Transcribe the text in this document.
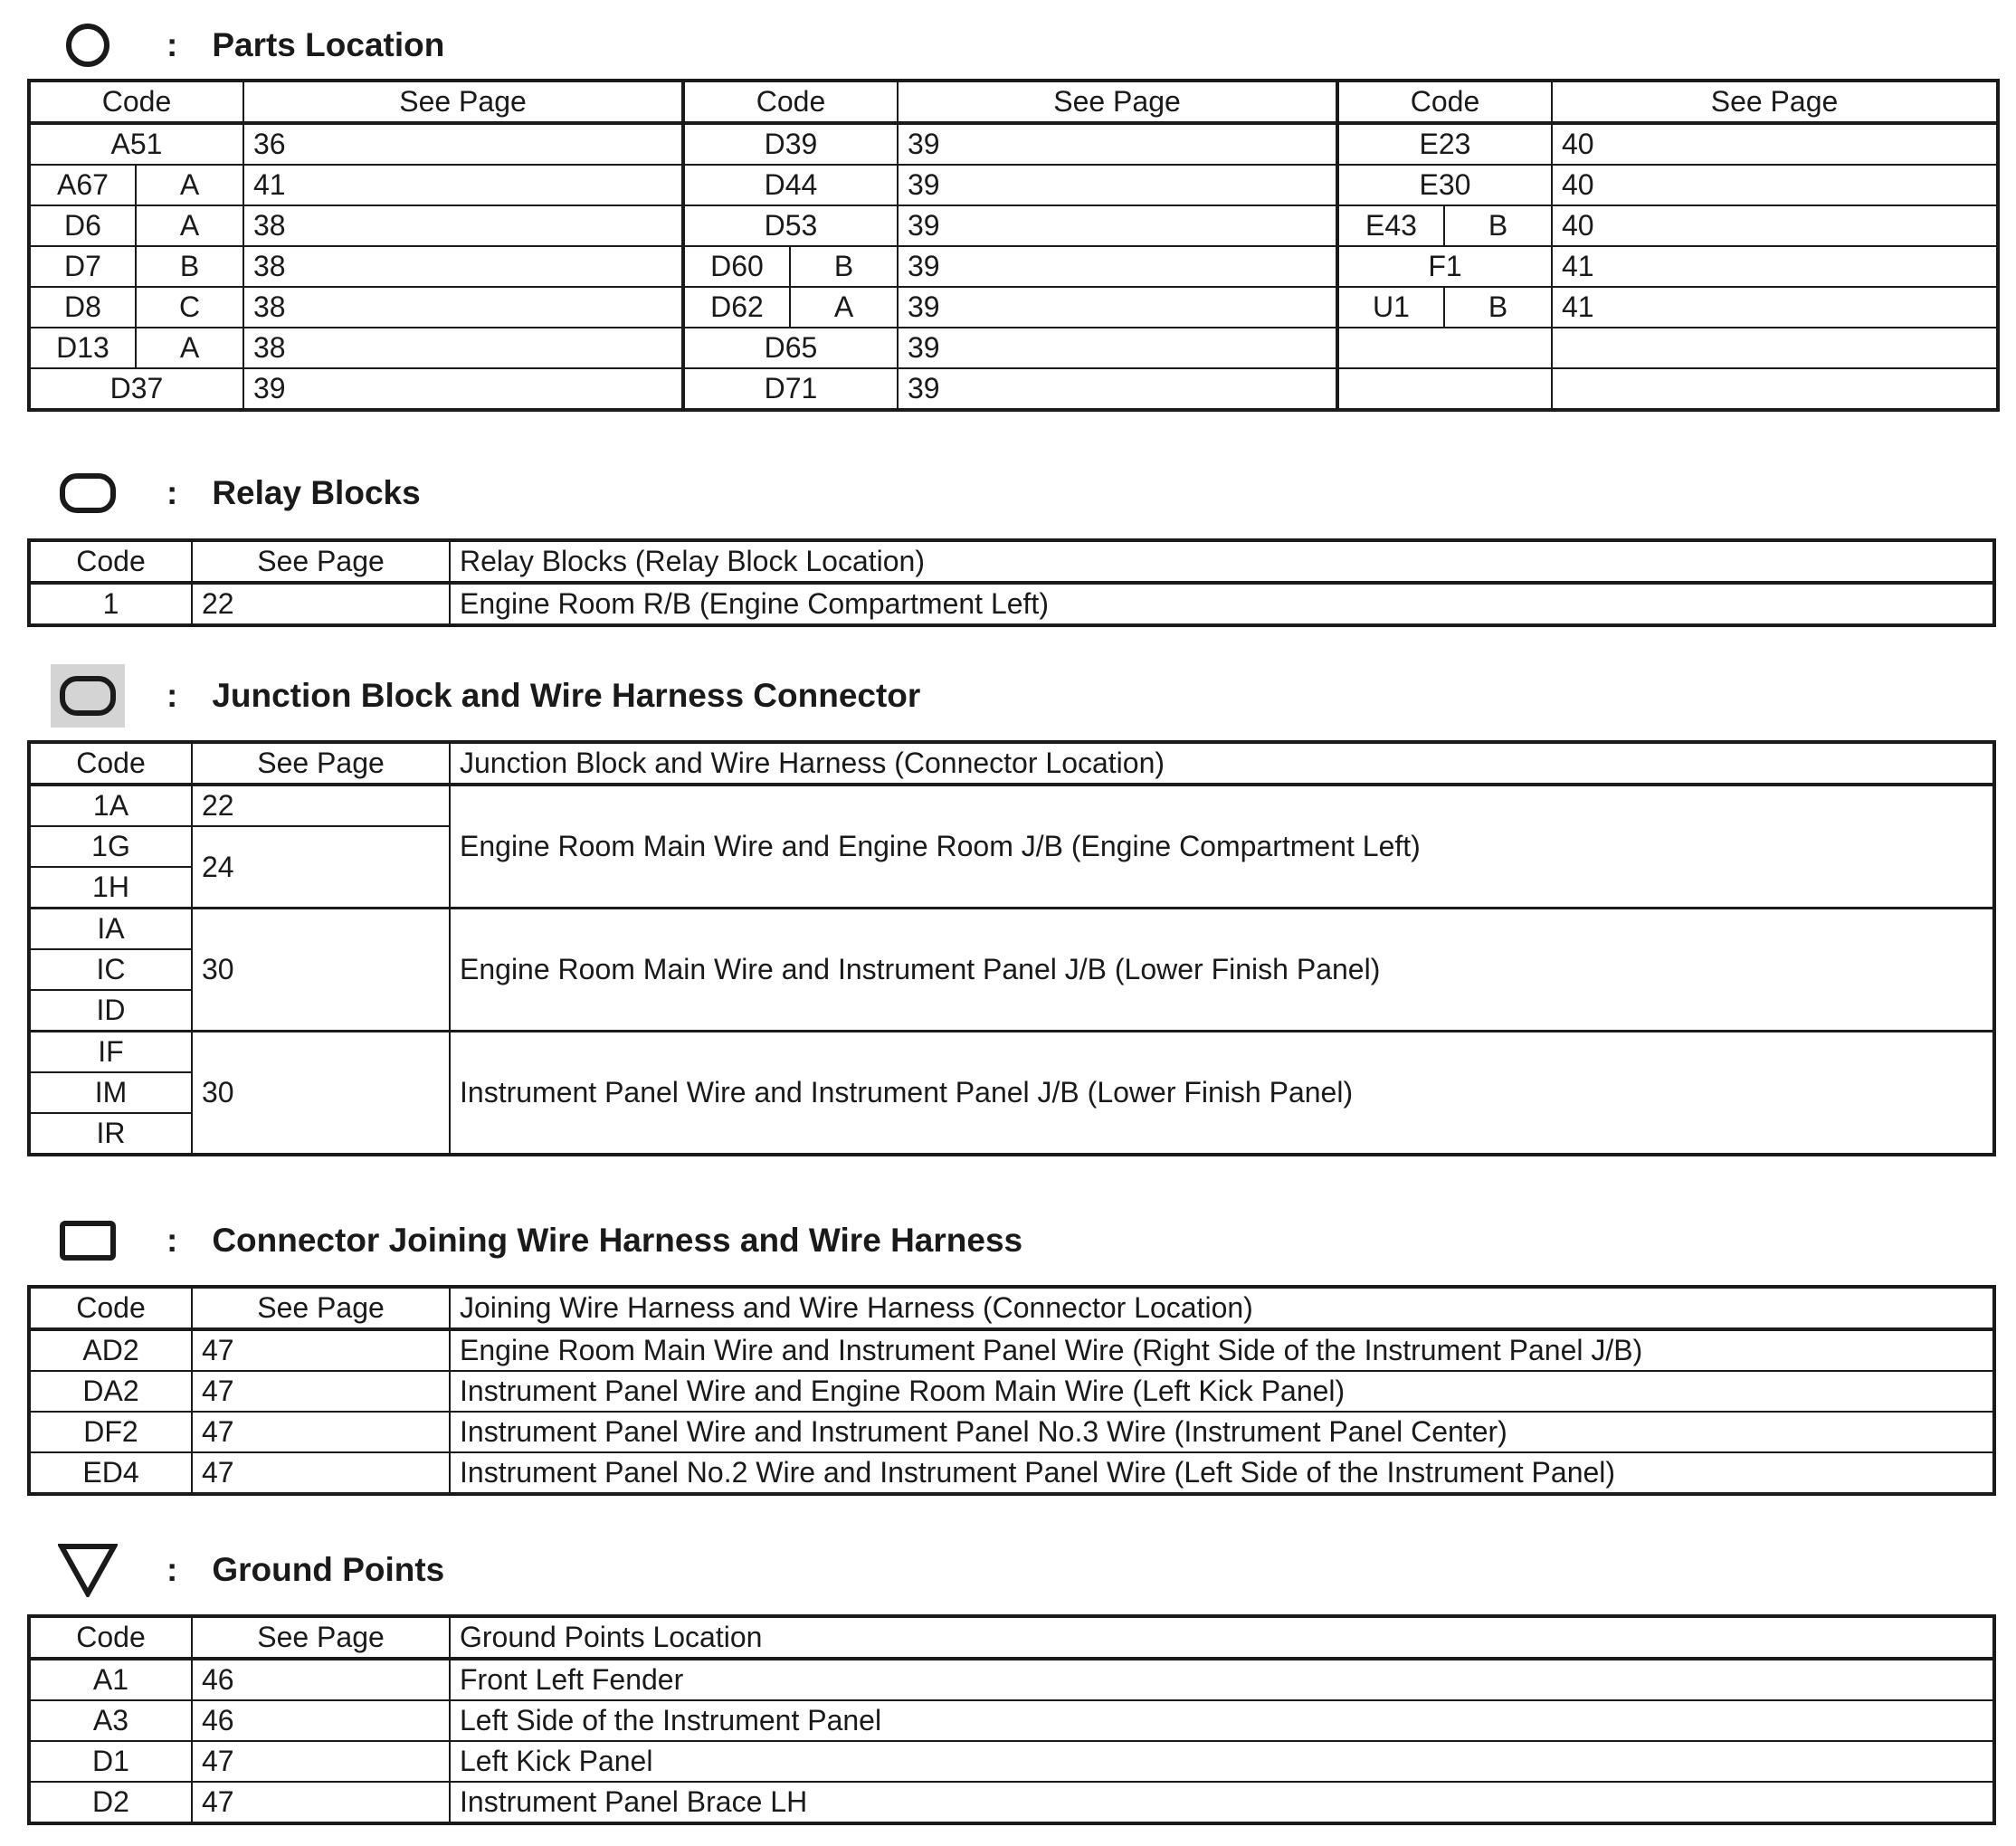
: Parts Location
Code		See Page	Code		See Page	Code		See Page
A51		36	D39		39	E23		40
A67	A	41	D44		39	E30		40
D6	A	38	D53		39	E43	B	40
D7	B	38	D60	B	39	F1		41
D8	C	38	D62	A	39	U1	B	41
D13	A	38	D65		39			
D37		39	D71		39			
: Relay Blocks
Code	See Page	Relay Blocks (Relay Block Location)
1	22	Engine Room R/B (Engine Compartment Left)
: Junction Block and Wire Harness Connector
Code	See Page	Junction Block and Wire Harness (Connector Location)
1A	22	Engine Room Main Wire and Engine Room J/B (Engine Compartment Left)
1G	24	
1H		
IA	30	Engine Room Main Wire and Instrument Panel J/B (Lower Finish Panel)
IC		
ID		
IF	30	Instrument Panel Wire and Instrument Panel J/B (Lower Finish Panel)
IM		
IR		
: Connector Joining Wire Harness and Wire Harness
Code	See Page	Joining Wire Harness and Wire Harness (Connector Location)
AD2	47	Engine Room Main Wire and Instrument Panel Wire (Right Side of the Instrument Panel J/B)
DA2	47	Instrument Panel Wire and Engine Room Main Wire (Left Kick Panel)
DF2	47	Instrument Panel Wire and Instrument Panel No.3 Wire (Instrument Panel Center)
ED4	47	Instrument Panel No.2 Wire and Instrument Panel Wire (Left Side of the Instrument Panel)
: Ground Points
Code	See Page	Ground Points Location
A1	46	Front Left Fender
A3	46	Left Side of the Instrument Panel
D1	47	Left Kick Panel
D2	47	Instrument Panel Brace LH
